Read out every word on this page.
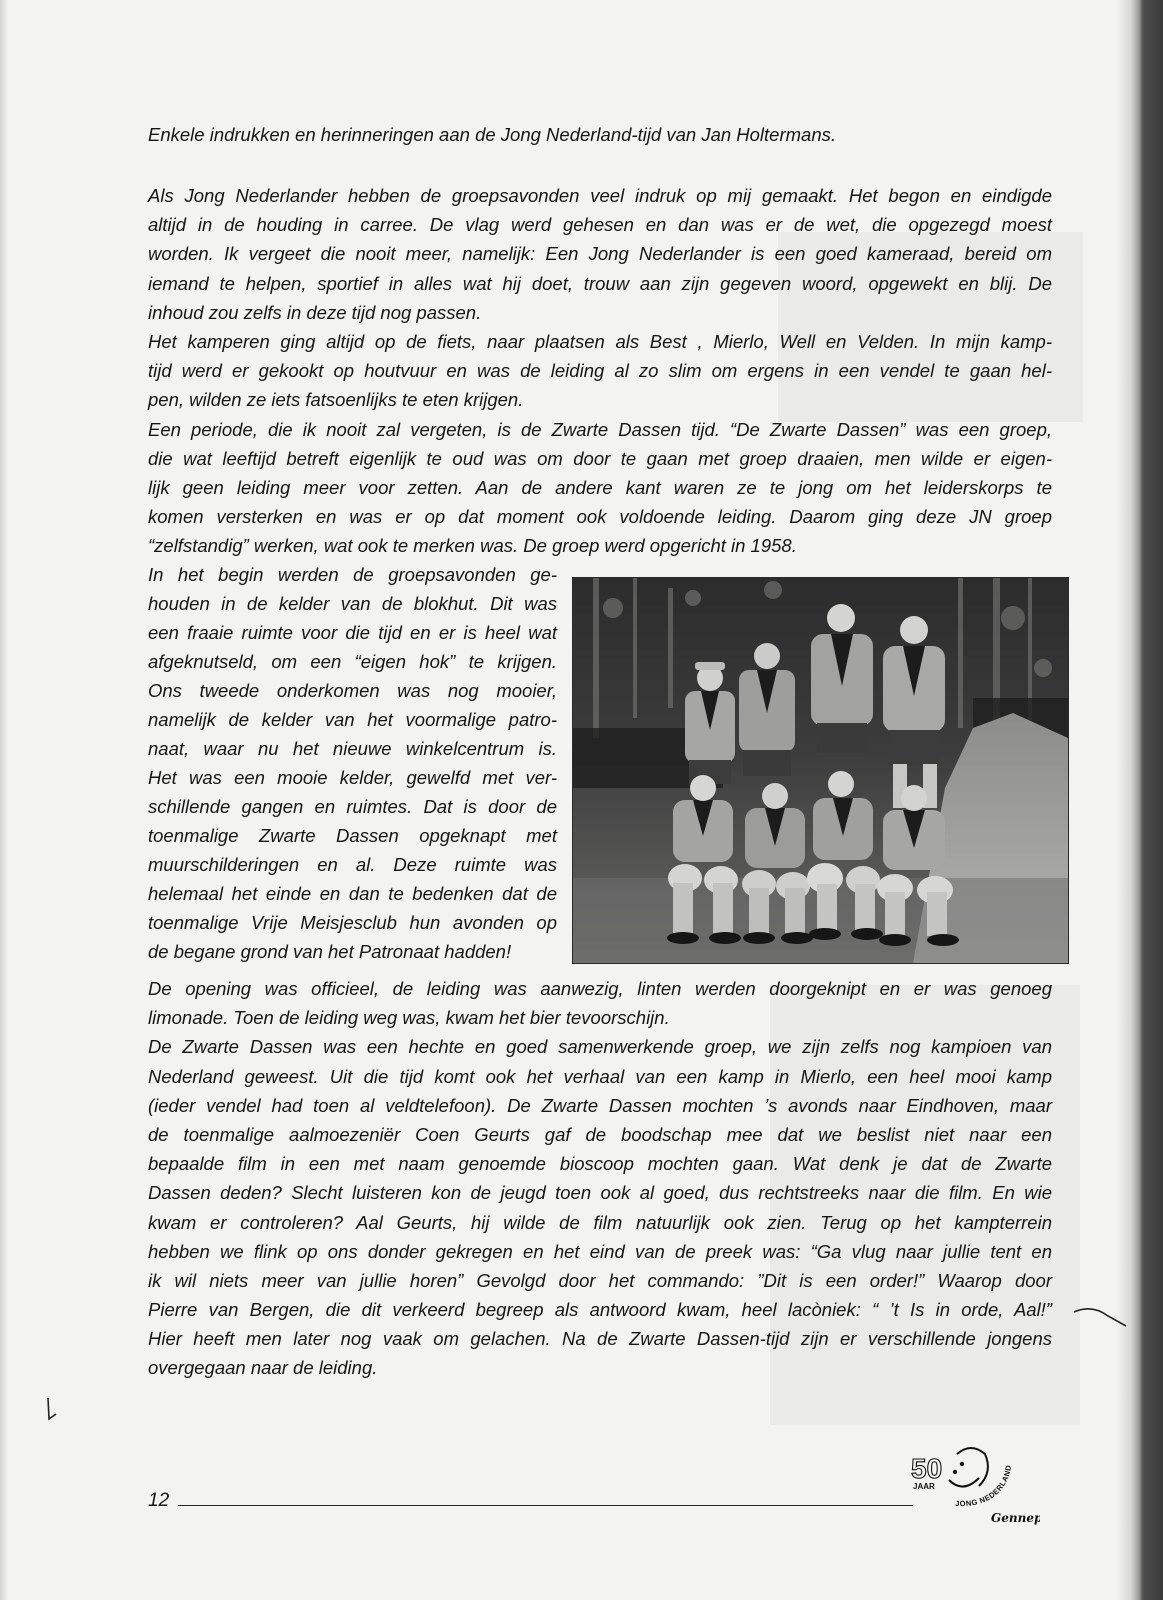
Enkele indrukken en herinneringen aan de Jong Nederland-tijd van Jan Holtermans.
Als Jong Nederlander hebben de groepsavonden veel indruk op mij gemaakt. Het begon en eindigde
altijd in de houding in carree. De vlag werd gehesen en dan was er de wet, die opgezegd moest
worden. Ik vergeet die nooit meer, namelijk: Een Jong Nederlander is een goed kameraad, bereid om
iemand te helpen, sportief in alles wat hij doet, trouw aan zijn gegeven woord, opgewekt en blij. De
inhoud zou zelfs in deze tijd nog passen.
Het kamperen ging altijd op de fiets, naar plaatsen als Best , Mierlo, Well en Velden. In mijn kamp-
tijd werd er gekookt op houtvuur en was de leiding al zo slim om ergens in een vendel te gaan hel-
pen, wilden ze iets fatsoenlijks te eten krijgen.
Een periode, die ik nooit zal vergeten, is de Zwarte Dassen tijd. “De Zwarte Dassen” was een groep,
die wat leeftijd betreft eigenlijk te oud was om door te gaan met groep draaien, men wilde er eigen-
lijk geen leiding meer voor zetten. Aan de andere kant waren ze te jong om het leiderskorps te
komen versterken en was er op dat moment ook voldoende leiding. Daarom ging deze JN groep
“zelfstandig” werken, wat ook te merken was. De groep werd opgericht in 1958.
In het begin werden de groepsavonden ge-
houden in de kelder van de blokhut. Dit was
een fraaie ruimte voor die tijd en er is heel wat
afgeknutseld, om een “eigen hok” te krijgen.
Ons tweede onderkomen was nog mooier,
namelijk de kelder van het voormalige patro-
naat, waar nu het nieuwe winkelcentrum is.
Het was een mooie kelder, gewelfd met ver-
schillende gangen en ruimtes. Dat is door de
toenmalige Zwarte Dassen opgeknapt met
muurschilderingen en al. Deze ruimte was
helemaal het einde en dan te bedenken dat de
toenmalige Vrije Meisjesclub hun avonden op
de begane grond van het Patronaat hadden!
De opening was officieel, de leiding was aanwezig, linten werden doorgeknipt en er was genoeg
limonade. Toen de leiding weg was, kwam het bier tevoorschijn.
De Zwarte Dassen was een hechte en goed samenwerkende groep, we zijn zelfs nog kampioen van
Nederland geweest. Uit die tijd komt ook het verhaal van een kamp in Mierlo, een heel mooi kamp
(ieder vendel had toen al veldtelefoon). De Zwarte Dassen mochten ’s avonds naar Eindhoven, maar
de toenmalige aalmoezeniër Coen Geurts gaf de boodschap mee dat we beslist niet naar een
bepaalde film in een met naam genoemde bioscoop mochten gaan. Wat denk je dat de Zwarte
Dassen deden? Slecht luisteren kon de jeugd toen ook al goed, dus rechtstreeks naar die film. En wie
kwam er controleren? Aal Geurts, hij wilde de film natuurlijk ook zien. Terug op het kampterrein
hebben we flink op ons donder gekregen en het eind van de preek was: “Ga vlug naar jullie tent en
ik wil niets meer van jullie horen” Gevolgd door het commando: ”Dit is een order!” Waarop door
Pierre van Bergen, die dit verkeerd begreep als antwoord kwam, heel lacòniek: “ ’t Is in orde, Aal!”
Hier heeft men later nog vaak om gelachen. Na de Zwarte Dassen-tijd zijn er verschillende jongens
overgegaan naar de leiding.
12
50
JAAR
JONG NEDERLAND
Gennep
